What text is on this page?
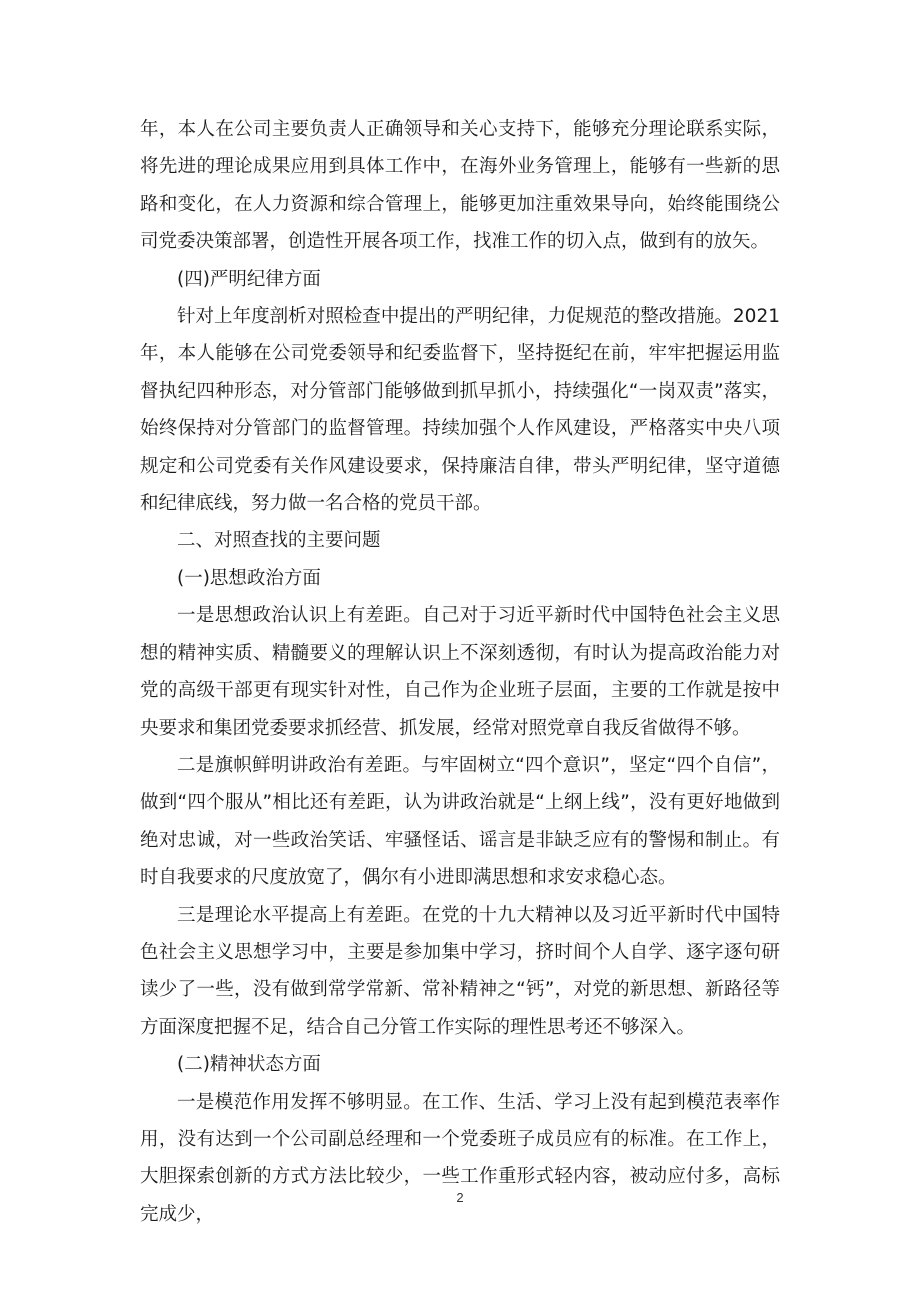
年，本人在公司主要负责人正确领导和关心支持下，能够充分理论联系实际，将先进的理论成果应用到具体工作中，在海外业务管理上，能够有一些新的思路和变化，在人力资源和综合管理上，能够更加注重效果导向，始终能围绕公司党委决策部署，创造性开展各项工作，找准工作的切入点，做到有的放矢。

(四)严明纪律方面

针对上年度剖析对照检查中提出的严明纪律，力促规范的整改措施。2021年，本人能够在公司党委领导和纪委监督下，坚持挺纪在前，牢牢把握运用监督执纪四种形态，对分管部门能够做到抓早抓小，持续强化“一岗双责”落实，始终保持对分管部门的监督管理。持续加强个人作风建设，严格落实中央八项规定和公司党委有关作风建设要求，保持廉洁自律，带头严明纪律，坚守道德和纪律底线，努力做一名合格的党员干部。

二、对照查找的主要问题

(一)思想政治方面

一是思想政治认识上有差距。自己对于习近平新时代中国特色社会主义思想的精神实质、精髓要义的理解认识上不深刻透彻，有时认为提高政治能力对党的高级干部更有现实针对性，自己作为企业班子层面，主要的工作就是按中央要求和集团党委要求抓经营、抓发展，经常对照党章自我反省做得不够。

二是旗帜鲜明讲政治有差距。与牢固树立“四个意识”，坚定“四个自信”，做到“四个服从”相比还有差距，认为讲政治就是“上纲上线”，没有更好地做到绝对忠诚，对一些政治笑话、牢骚怪话、谣言是非缺乏应有的警惕和制止。有时自我要求的尺度放宽了，偶尔有小进即满思想和求安求稳心态。

三是理论水平提高上有差距。在党的十九大精神以及习近平新时代中国特色社会主义思想学习中，主要是参加集中学习，挤时间个人自学、逐字逐句研读少了一些，没有做到常学常新、常补精神之“钙”，对党的新思想、新路径等方面深度把握不足，结合自己分管工作实际的理性思考还不够深入。

(二)精神状态方面

一是模范作用发挥不够明显。在工作、生活、学习上没有起到模范表率作用，没有达到一个公司副总经理和一个党委班子成员应有的标准。在工作上，大胆探索创新的方式方法比较少，一些工作重形式轻内容，被动应付多，高标完成少，

2
